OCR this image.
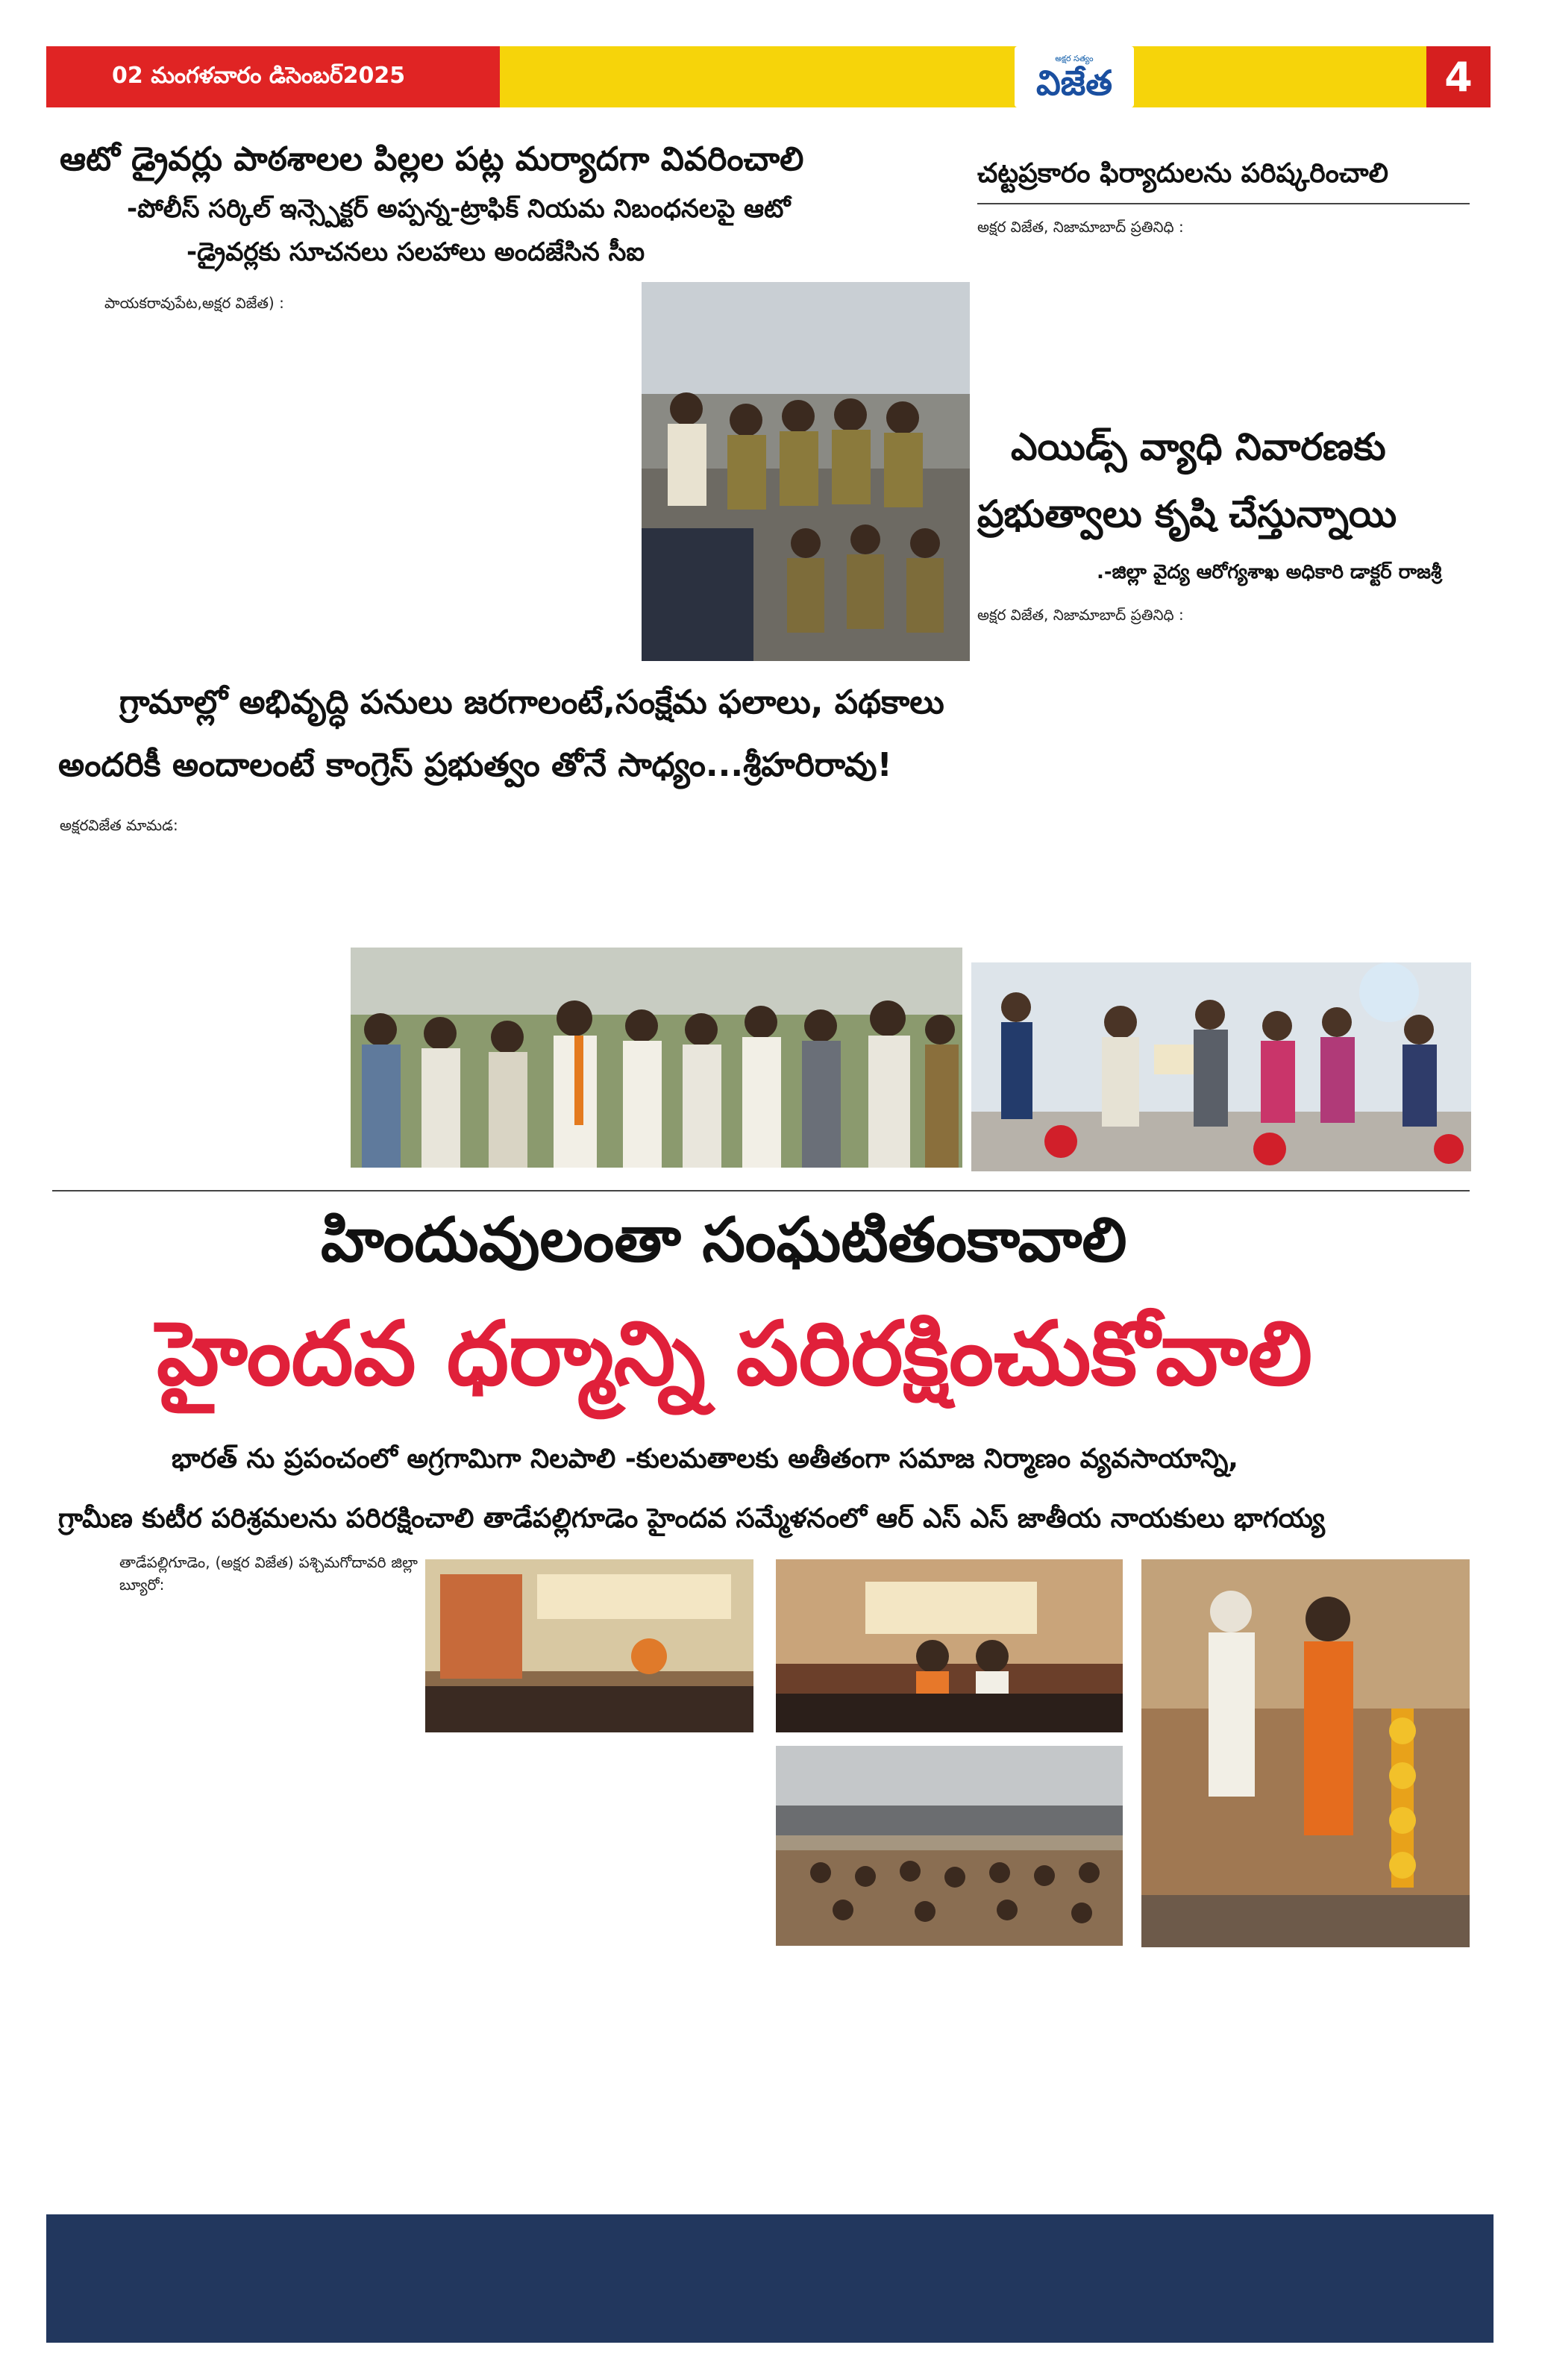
02 మంగళవారం డిసెంబర్2025
అక్షర సత్యం
విజేత	4
ఆటో డ్రైవర్లు పాఠశాలల పిల్లల పట్ల మర్యాదగా వివరించాలి
-పోలీస్ సర్కిల్ ఇన్స్పెక్టర్ అప్పన్న-ట్రాఫిక్ నియమ నిబంధనలపై ఆటో
-డ్రైవర్లకు సూచనలు సలహాలు అందజేసిన సీఐ
పాయకరావుపేట,అక్షర విజేత) :
చట్టప్రకారం ఫిర్యాదులను పరిష్కరించాలి
అక్షర విజేత, నిజామాబాద్ ప్రతినిధి :
ఎయిడ్స్ వ్యాధి నివారణకు
ప్రభుత్వాలు కృషి చేస్తున్నాయి
.-జిల్లా వైద్య ఆరోగ్యశాఖ అధికారి డాక్టర్ రాజశ్రీ
అక్షర విజేత, నిజామాబాద్ ప్రతినిధి :
గ్రామాల్లో అభివృద్ధి పనులు జరగాలంటే,సంక్షేమ ఫలాలు, పథకాలు
అందరికీ అందాలంటే కాంగ్రెస్ ప్రభుత్వం తోనే సాధ్యం...శ్రీహరిరావు!
అక్షరవిజేత మామడ:
హిందువులంతా సంఘటితంకావాలి
హైందవ ధర్మాన్ని పరిరక్షించుకోవాలి
భారత్ ను ప్రపంచంలో అగ్రగామిగా నిలపాలి -కులమతాలకు అతీతంగా సమాజ నిర్మాణం వ్యవసాయాన్ని,
గ్రామీణ కుటీర పరిశ్రమలను పరిరక్షించాలి తాడేపల్లిగూడెం హైందవ సమ్మేళనంలో ఆర్ ఎస్ ఎస్ జాతీయ నాయకులు భాగయ్య
తాడేపల్లిగూడెం, (అక్షర విజేత) పశ్చిమగోదావరి జిల్లా బ్యూరో:
